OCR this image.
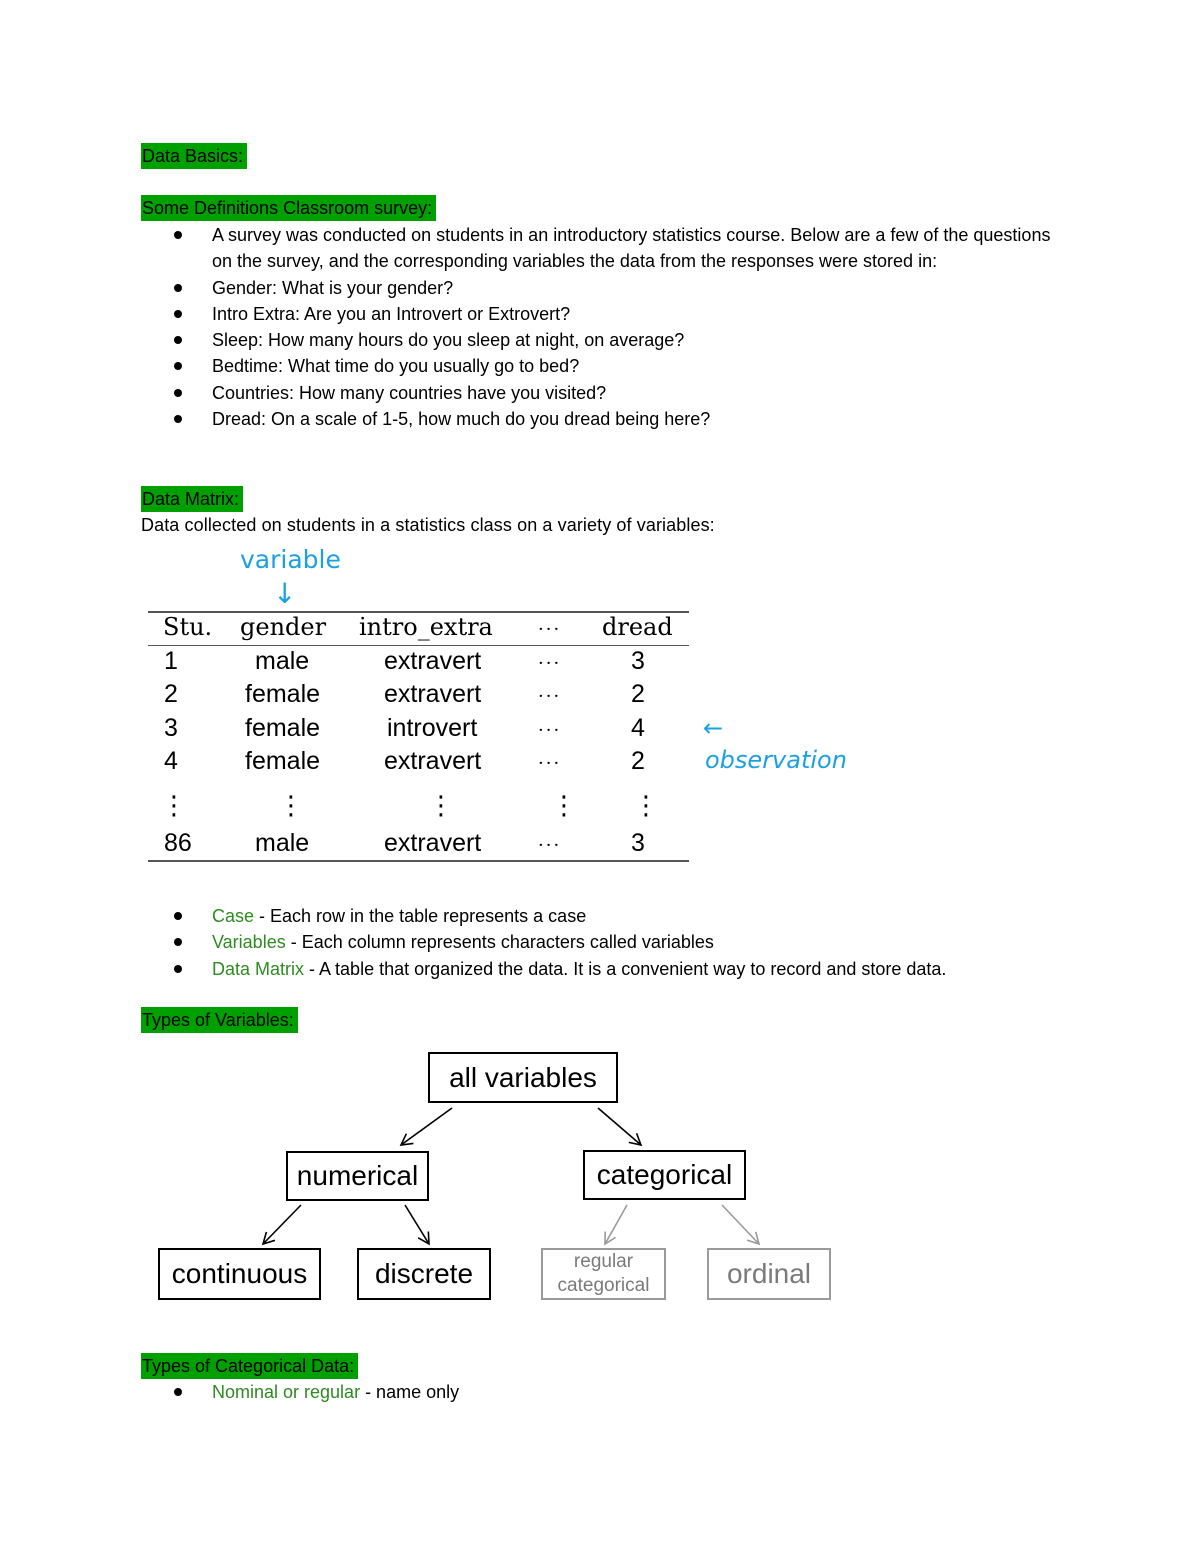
Data Basics:
Some Definitions Classroom survey:
A survey was conducted on students in an introductory statistics course. Below are a few of the questions on the survey, and the corresponding variables the data from the responses were stored in:
Gender: What is your gender?
Intro Extra: Are you an Introvert or Extrovert?
Sleep: How many hours do you sleep at night, on average?
Bedtime: What time do you usually go to bed?
Countries: How many countries have you visited?
Dread: On a scale of 1-5, how much do you dread being here?
Data Matrix:
Data collected on students in a statistics class on a variety of variables:
variable
↓
Stu. gender intro_extra	··· dread
1	male	extravert	···	3
2	female	extravert	···	2
3	female	introvert	···	4
4	female	extravert	···	2
⋮	⋮	⋮	⋮ ⋮
86	male	extravert	···	3
←
observation
Case - Each row in the table represents a case
Variables - Each column represents characters called variables
Data Matrix - A table that organized the data. It is a convenient way to record and store data.
Types of Variables:
all variables
numerical	categorical
continuous	discrete	regular
categorical	ordinal
Types of Categorical Data:
Nominal or regular - name only
